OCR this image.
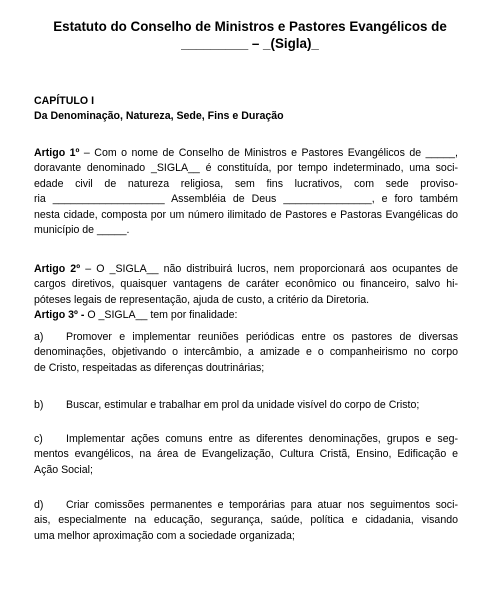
Estatuto do Conselho de Ministros e Pastores Evangélicos de
_________ – _(Sigla)_
CAPÍTULO I
Da Denominação, Natureza, Sede, Fins e Duração
Artigo 1º – Com o nome de Conselho de Ministros e Pastores Evangélicos de _____,
doravante denominado _SIGLA__ é constituída, por tempo indeterminado, uma soci-
edade civil de natureza religiosa, sem fins lucrativos, com sede proviso-
ria ___________________ Assembléia de Deus _______________, e foro também
nesta cidade, composta por um número ilimitado de Pastores e Pastoras Evangélicas do
município de _____.
Artigo 2º – O _SIGLA__ não distribuirá lucros, nem proporcionará aos ocupantes de
cargos diretivos, quaisquer vantagens de caráter econômico ou financeiro, salvo hi-
póteses legais de representação, ajuda de custo, a critério da Diretoria.
Artigo 3º - O _SIGLA__ tem por finalidade:
a)	Promover e implementar reuniões periódicas entre os pastores de diversas
denominações, objetivando o intercâmbio, a amizade e o companheirismo no corpo
de Cristo, respeitadas as diferenças doutrinárias;
b)	Buscar, estimular e trabalhar em prol da unidade visível do corpo de Cristo;
c)	Implementar ações comuns entre as diferentes denominações, grupos e seg-
mentos evangélicos, na área de Evangelização, Cultura Cristã, Ensino, Edificação e
Ação Social;
d)	Criar comissões permanentes e temporárias para atuar nos seguimentos soci-
ais, especialmente na educação, segurança, saúde, política e cidadania, visando
uma melhor aproximação com a sociedade organizada;
